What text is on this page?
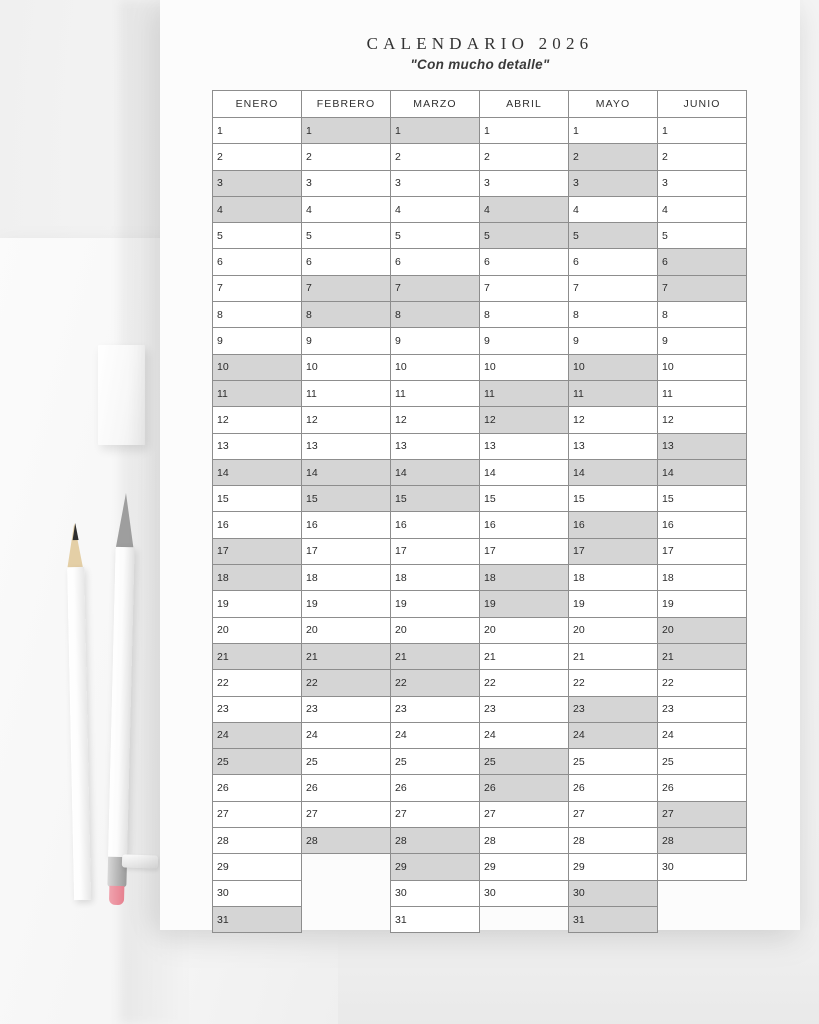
CALENDARIO 2026
"Con mucho detalle"
ENERO	FEBRERO	MARZO	ABRIL	MAYO	JUNIO
1	1	1	1	1	1
2	2	2	2	2	2
3	3	3	3	3	3
4	4	4	4	4	4
5	5	5	5	5	5
6	6	6	6	6	6
7	7	7	7	7	7
8	8	8	8	8	8
9	9	9	9	9	9
10	10	10	10	10	10
11	11	11	11	11	11
12	12	12	12	12	12
13	13	13	13	13	13
14	14	14	14	14	14
15	15	15	15	15	15
16	16	16	16	16	16
17	17	17	17	17	17
18	18	18	18	18	18
19	19	19	19	19	19
20	20	20	20	20	20
21	21	21	21	21	21
22	22	22	22	22	22
23	23	23	23	23	23
24	24	24	24	24	24
25	25	25	25	25	25
26	26	26	26	26	26
27	27	27	27	27	27
28	28	28	28	28	28
29		29	29	29	30
30		30	30	30	
31		31		31	
